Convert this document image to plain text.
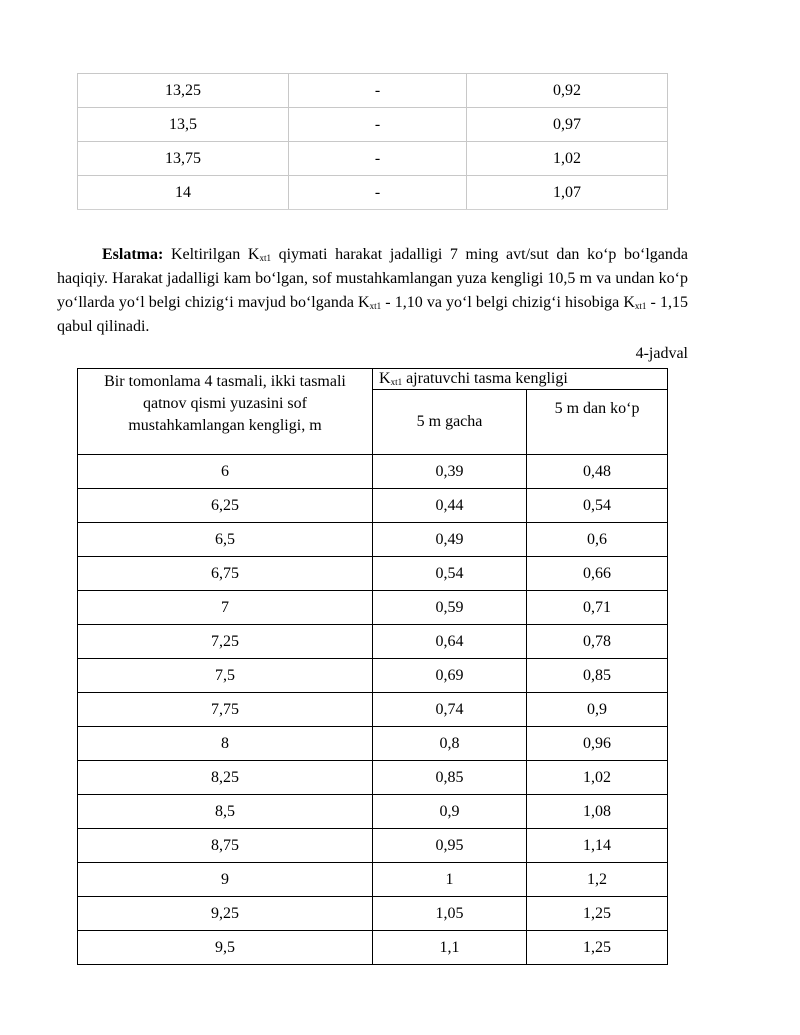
13,25	-	0,92
13,5	-	0,97
13,75	-	1,02
14	-	1,07

Eslatma: Keltirilgan $K_{xt1}$ qiymati harakat jadalligi 7 ming avt/sut dan ko‘p bo‘lganda haqiqiy. Harakat jadalligi kam bo‘lgan, sof mustahkamlangan yuza kengligi 10,5 m va undan ko‘p yo‘llarda yo‘l belgi chizig‘i mavjud bo‘lganda $K_{xt1} - 1,10$ va yo‘l belgi chizig‘i hisobiga $K_{xt1} - 1,15$ qabul qilinadi.

4-jadval
Bir tomonlama 4 tasmali, ikki tasmali qatnov qismi yuzasini sof mustahkamlangan kengligi, m	$K_{xt1}$ ajratuvchi tasma kengligi	
	5 m gacha	5 m dan ko‘p
6	0,39	0,48
6,25	0,44	0,54
6,5	0,49	0,6
6,75	0,54	0,66
7	0,59	0,71
7,25	0,64	0,78
7,5	0,69	0,85
7,75	0,74	0,9
8	0,8	0,96
8,25	0,85	1,02
8,5	0,9	1,08
8,75	0,95	1,14
9	1	1,2
9,25	1,05	1,25
9,5	1,1	1,25
